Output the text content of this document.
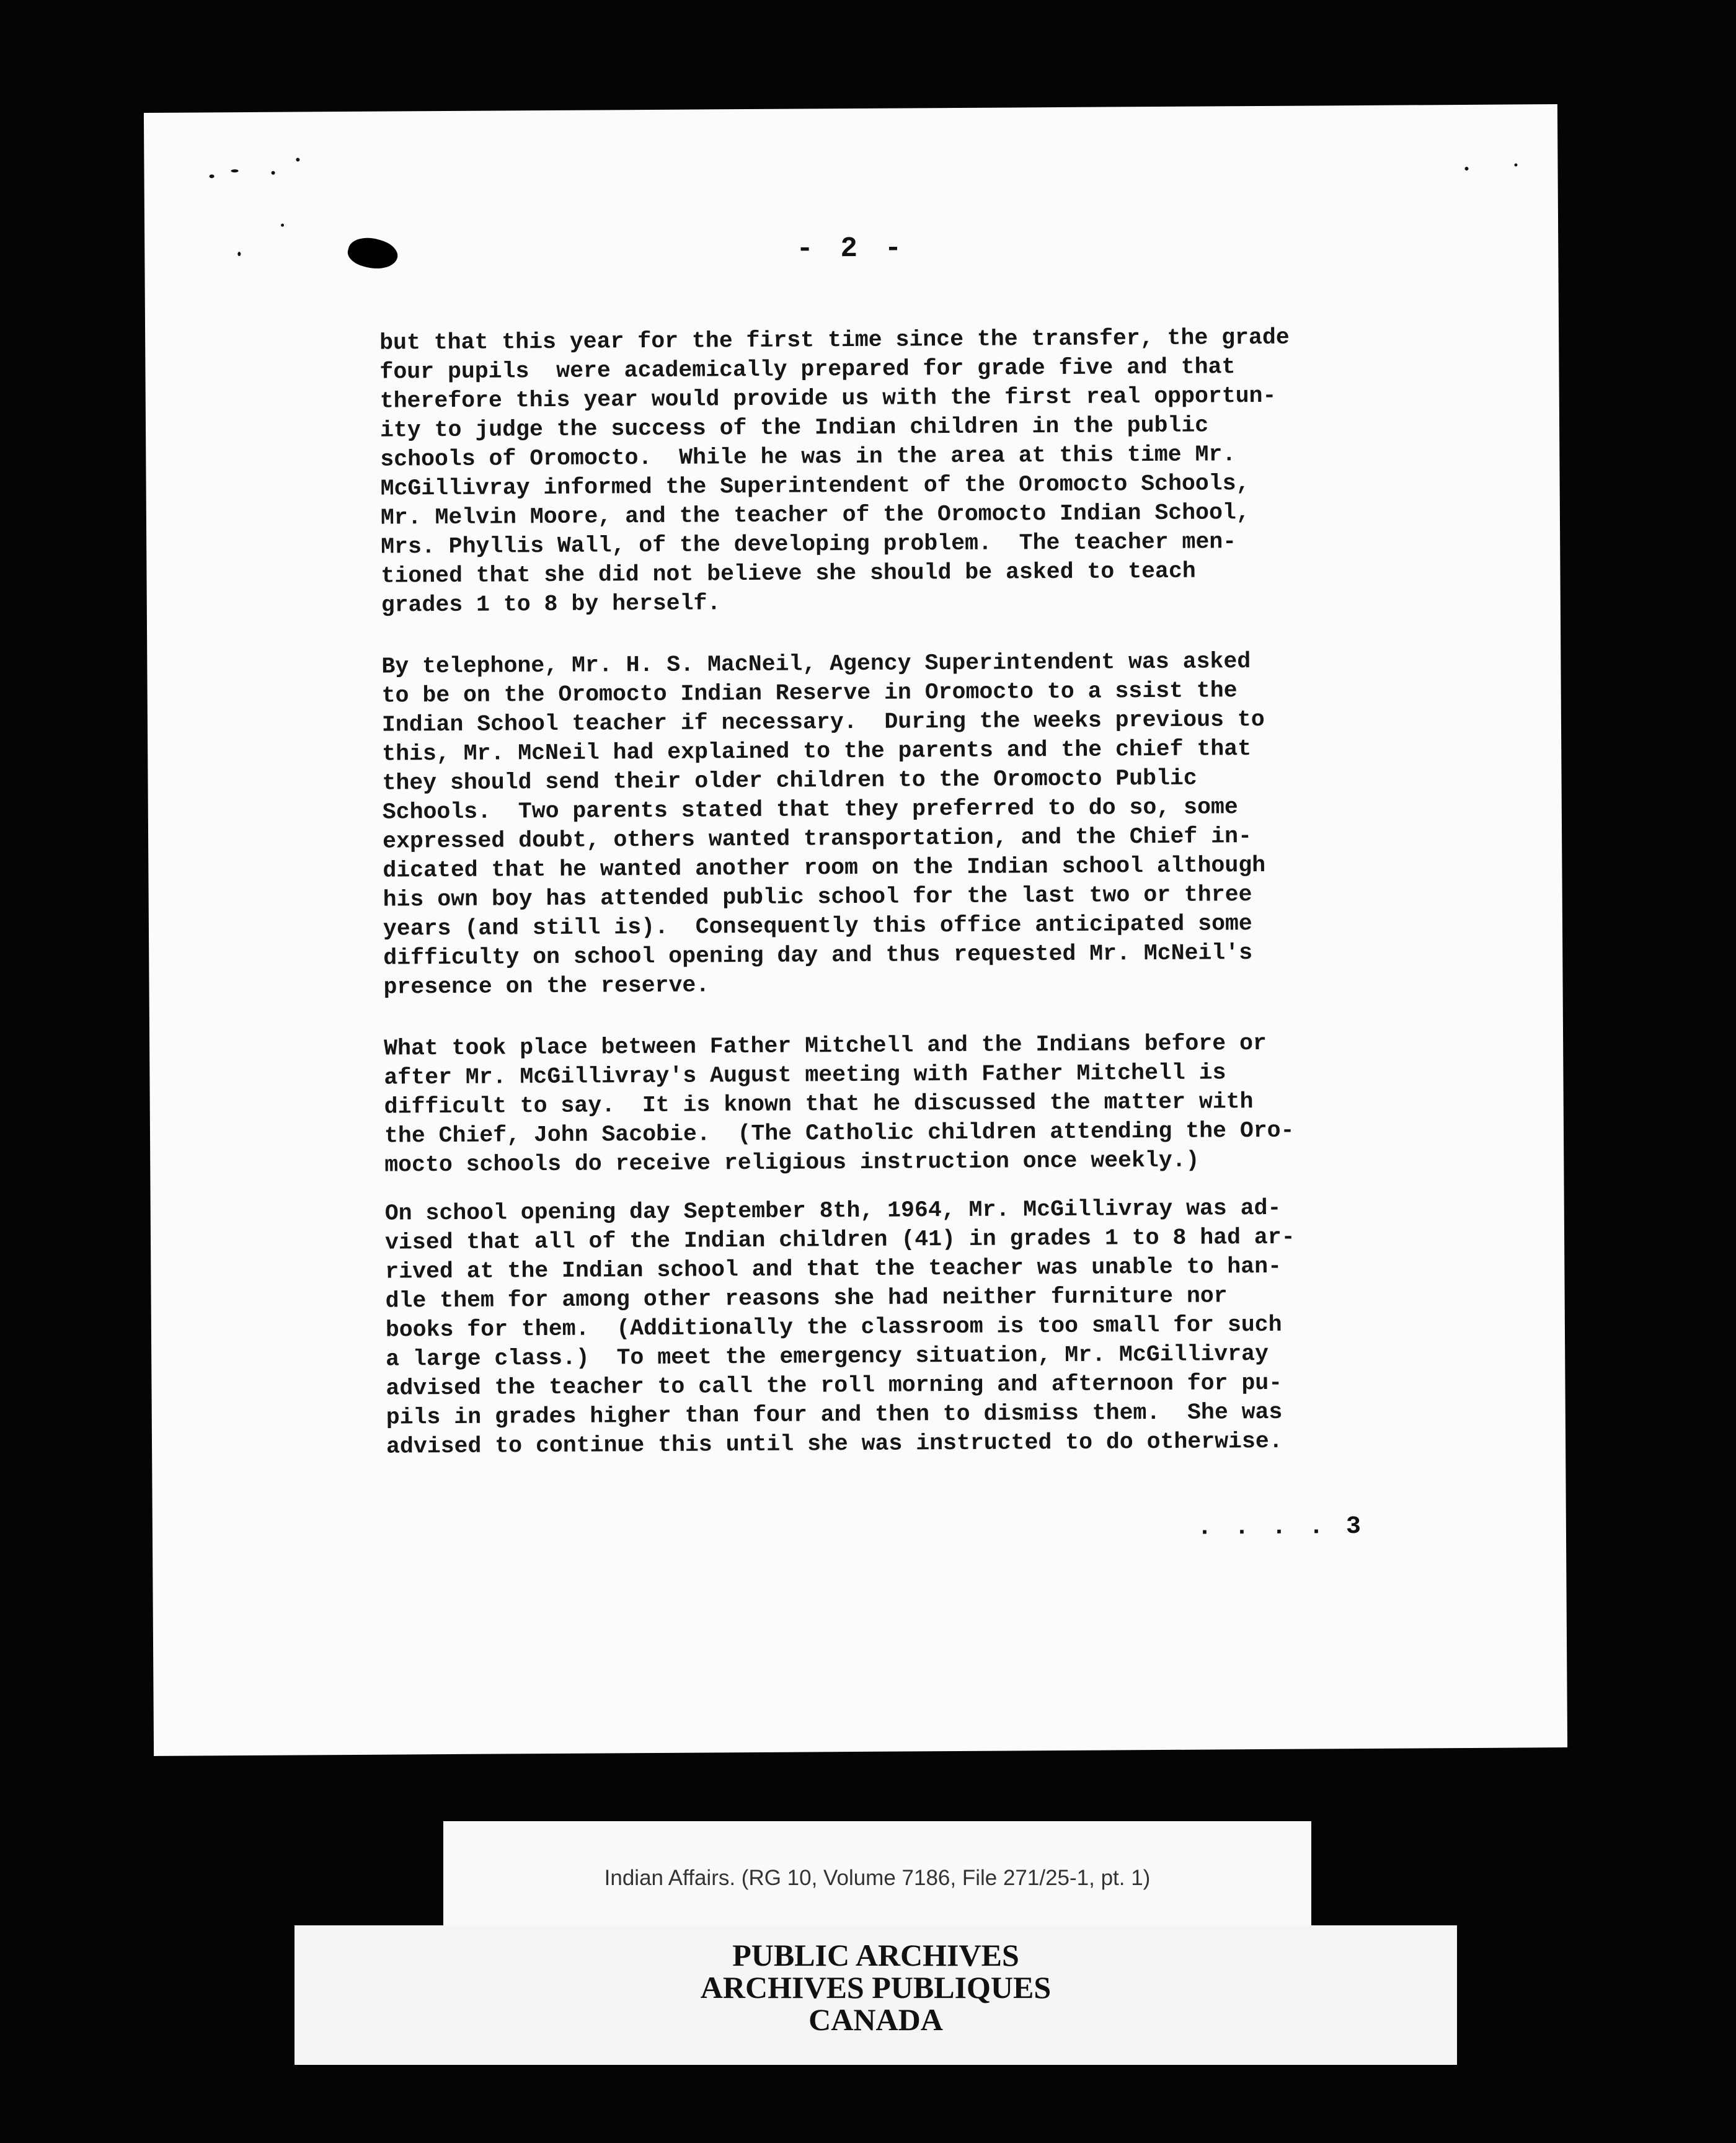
- 2 -

but that this year for the first time since the transfer, the grade
four pupils  were academically prepared for grade five and that
therefore this year would provide us with the first real opportun-
ity to judge the success of the Indian children in the public
schools of Oromocto.  While he was in the area at this time Mr.
McGillivray informed the Superintendent of the Oromocto Schools,
Mr. Melvin Moore, and the teacher of the Oromocto Indian School,
Mrs. Phyllis Wall, of the developing problem.  The teacher men-
tioned that she did not believe she should be asked to teach
grades 1 to 8 by herself.

By telephone, Mr. H. S. MacNeil, Agency Superintendent was asked
to be on the Oromocto Indian Reserve in Oromocto to a ssist the
Indian School teacher if necessary.  During the weeks previous to
this, Mr. McNeil had explained to the parents and the chief that
they should send their older children to the Oromocto Public
Schools.  Two parents stated that they preferred to do so, some
expressed doubt, others wanted transportation, and the Chief in-
dicated that he wanted another room on the Indian school although
his own boy has attended public school for the last two or three
years (and still is).  Consequently this office anticipated some
difficulty on school opening day and thus requested Mr. McNeil's
presence on the reserve.

What took place between Father Mitchell and the Indians before or
after Mr. McGillivray's August meeting with Father Mitchell is
difficult to say.  It is known that he discussed the matter with
the Chief, John Sacobie.  (The Catholic children attending the Oro-
mocto schools do receive religious instruction once weekly.)

On school opening day September 8th, 1964, Mr. McGillivray was ad-
vised that all of the Indian children (41) in grades 1 to 8 had ar-
rived at the Indian school and that the teacher was unable to han-
dle them for among other reasons she had neither furniture nor
books for them.  (Additionally the classroom is too small for such
a large class.)  To meet the emergency situation, Mr. McGillivray
advised the teacher to call the roll morning and afternoon for pu-
pils in grades higher than four and then to dismiss them.  She was
advised to continue this until she was instructed to do otherwise.

. . . . 3
Indian Affairs. (RG 10, Volume 7186, File 271/25-1, pt. 1)
PUBLIC ARCHIVES
ARCHIVES PUBLIQUES
CANADA
